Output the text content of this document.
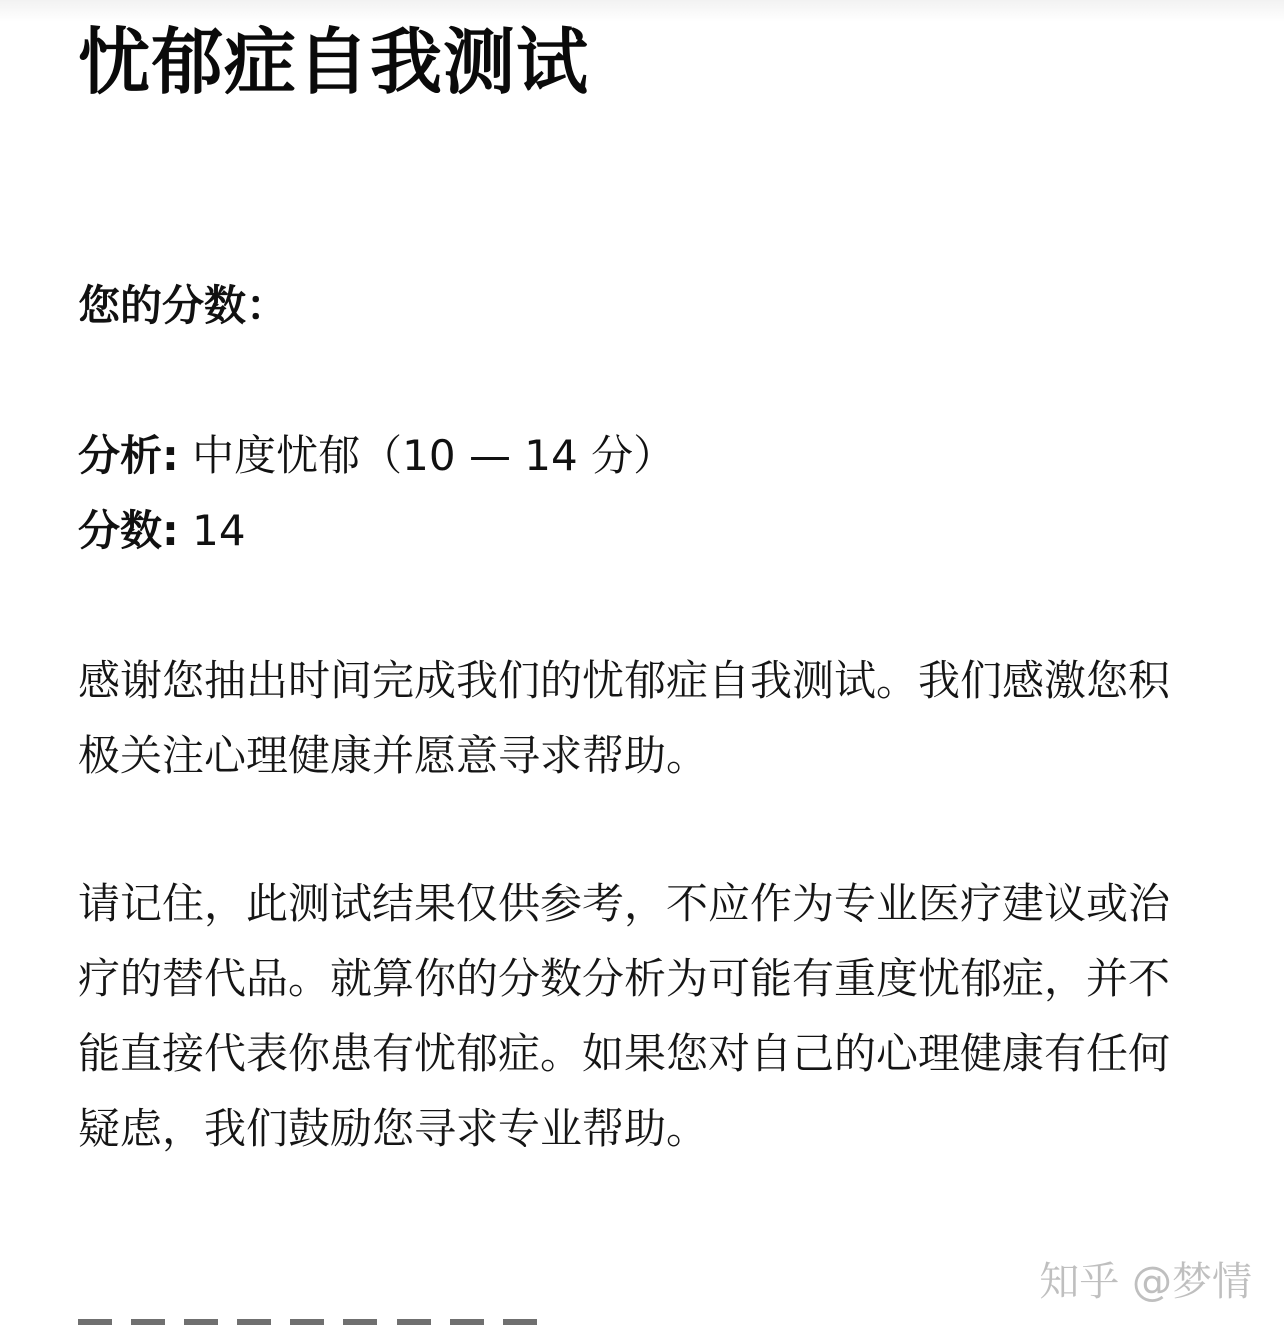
忧郁症自我测试
您的分数：

分析: 中度忧郁（10 — 14 分）

分数: 14

感谢您抽出时间完成我们的忧郁症自我测试。我们感激您积极关注心理健康并愿意寻求帮助。

请记住，此测试结果仅供参考，不应作为专业医疗建议或治疗的替代品。就算你的分数分析为可能有重度忧郁症，并不能直接代表你患有忧郁症。如果您对自己的心理健康有任何疑虑，我们鼓励您寻求专业帮助。

知乎 @梦情
